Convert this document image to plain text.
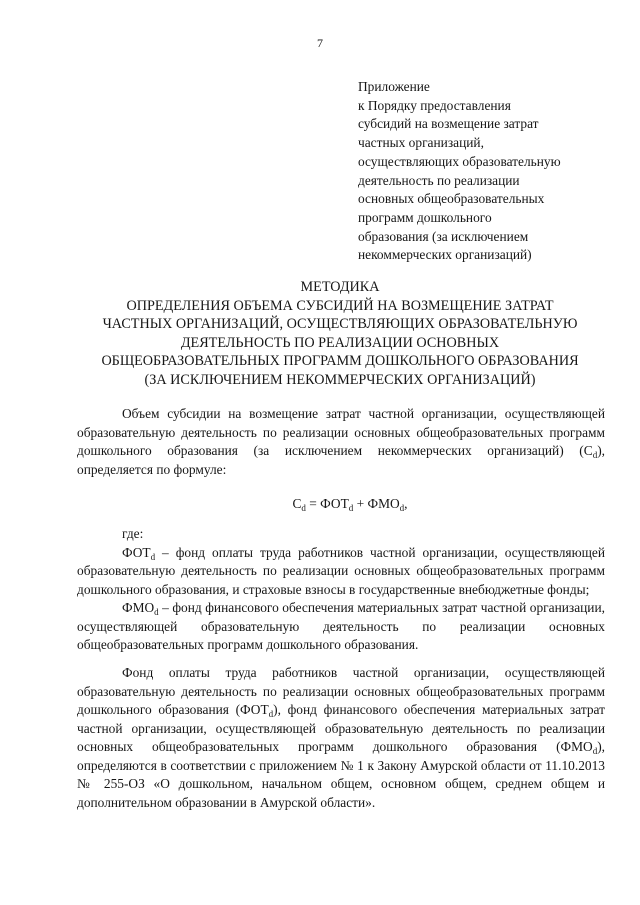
7
Приложение
к Порядку предоставления
субсидий на возмещение затрат
частных организаций,
осуществляющих образовательную
деятельность по реализации
основных общеобразовательных
программ дошкольного
образования (за исключением
некоммерческих организаций)
МЕТОДИКА
ОПРЕДЕЛЕНИЯ ОБЪЕМА СУБСИДИЙ НА ВОЗМЕЩЕНИЕ ЗАТРАТ
ЧАСТНЫХ ОРГАНИЗАЦИЙ, ОСУЩЕСТВЛЯЮЩИХ ОБРАЗОВАТЕЛЬНУЮ
ДЕЯТЕЛЬНОСТЬ ПО РЕАЛИЗАЦИИ ОСНОВНЫХ
ОБЩЕОБРАЗОВАТЕЛЬНЫХ ПРОГРАММ ДОШКОЛЬНОГО ОБРАЗОВАНИЯ
(ЗА ИСКЛЮЧЕНИЕМ НЕКОММЕРЧЕСКИХ ОРГАНИЗАЦИЙ)

Объем субсидии на возмещение затрат частной организации, осуществляющей образовательную деятельность по реализации основных общеобразовательных программ дошкольного образования (за исключением некоммерческих организаций) $(С_d)$, определяется по формуле:

$С_d = ФОТ_d + ФМО_d$,

где:

$ФОТ_d$ – фонд оплаты труда работников частной организации, осуществляющей образовательную деятельность по реализации основных общеобразовательных программ дошкольного образования, и страховые взносы в государственные внебюджетные фонды;

$ФМО_d$ – фонд финансового обеспечения материальных затрат частной организации, осуществляющей образовательную деятельность по реализации основных общеобразовательных программ дошкольного образования.

Фонд оплаты труда работников частной организации, осуществляющей образовательную деятельность по реализации основных общеобразовательных программ дошкольного образования $(ФОТ_d)$, фонд финансового обеспечения материальных затрат частной организации, осуществляющей образовательную деятельность по реализации основных общеобразовательных программ дошкольного образования $(ФМО_d)$, определяются в соответствии с приложением № 1 к Закону Амурской области от 11.10.2013 № 255-ОЗ «О дошкольном, начальном общем, основном общем, среднем общем и дополнительном образовании в Амурской области».
